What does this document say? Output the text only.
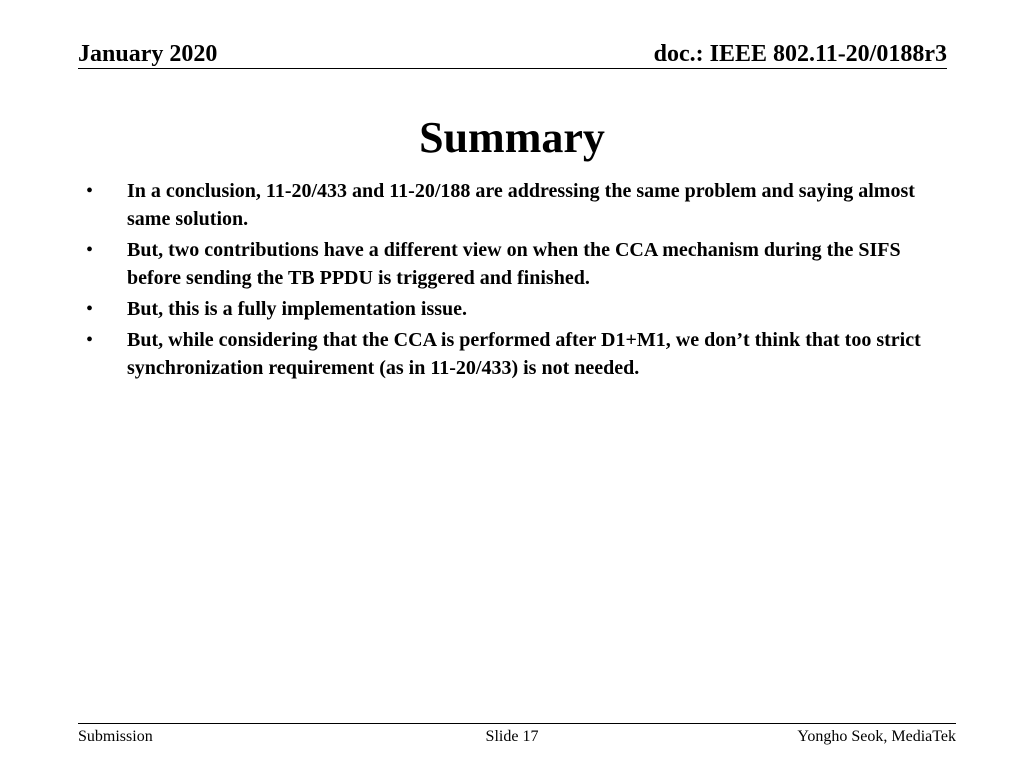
January 2020	doc.: IEEE 802.11-20/0188r3
Summary
•	In a conclusion, 11-20/433 and 11-20/188 are addressing the same problem and saying almost same solution.
•	But, two contributions have a different view on when the CCA mechanism during the SIFS before sending the TB PPDU is triggered and finished.
•	But, this is a fully implementation issue.
•	But, while considering that the CCA is performed after D1+M1, we don’t think that too strict synchronization requirement (as in 11-20/433) is not needed.
Submission	Slide 17	Yongho Seok, MediaTek
